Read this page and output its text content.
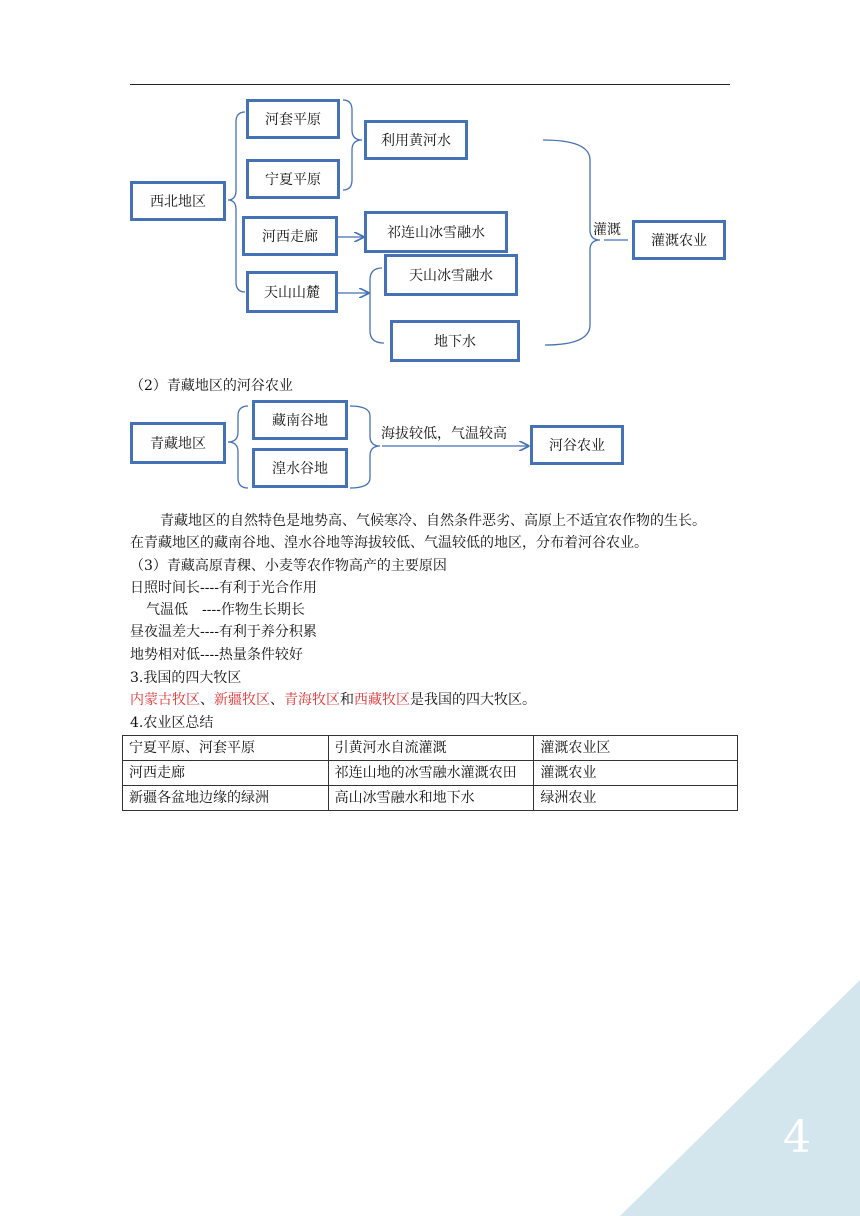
西北地区
河套平原
宁夏平原
河西走廊
天山山麓
利用黄河水
祁连山冰雪融水
天山冰雪融水
地下水
灌溉
灌溉农业
（2）青藏地区的河谷农业
青藏地区
藏南谷地
湟水谷地
海拔较低，气温较高
河谷农业
青藏地区的自然特色是地势高、气候寒冷、自然条件恶劣、高原上不适宜农作物的生长。
在青藏地区的藏南谷地、湟水谷地等海拔较低、气温较低的地区，分布着河谷农业。
（3）青藏高原青稞、小麦等农作物高产的主要原因
日照时间长----有利于光合作用
气温低　----作物生长期长
昼夜温差大----有利于养分积累
地势相对低----热量条件较好
3.我国的四大牧区
内蒙古牧区、新疆牧区、青海牧区和西藏牧区是我国的四大牧区。
4.农业区总结
宁夏平原、河套平原	引黄河水自流灌溉	灌溉农业区
河西走廊	祁连山地的冰雪融水灌溉农田	灌溉农业
新疆各盆地边缘的绿洲	高山冰雪融水和地下水	绿洲农业
4
